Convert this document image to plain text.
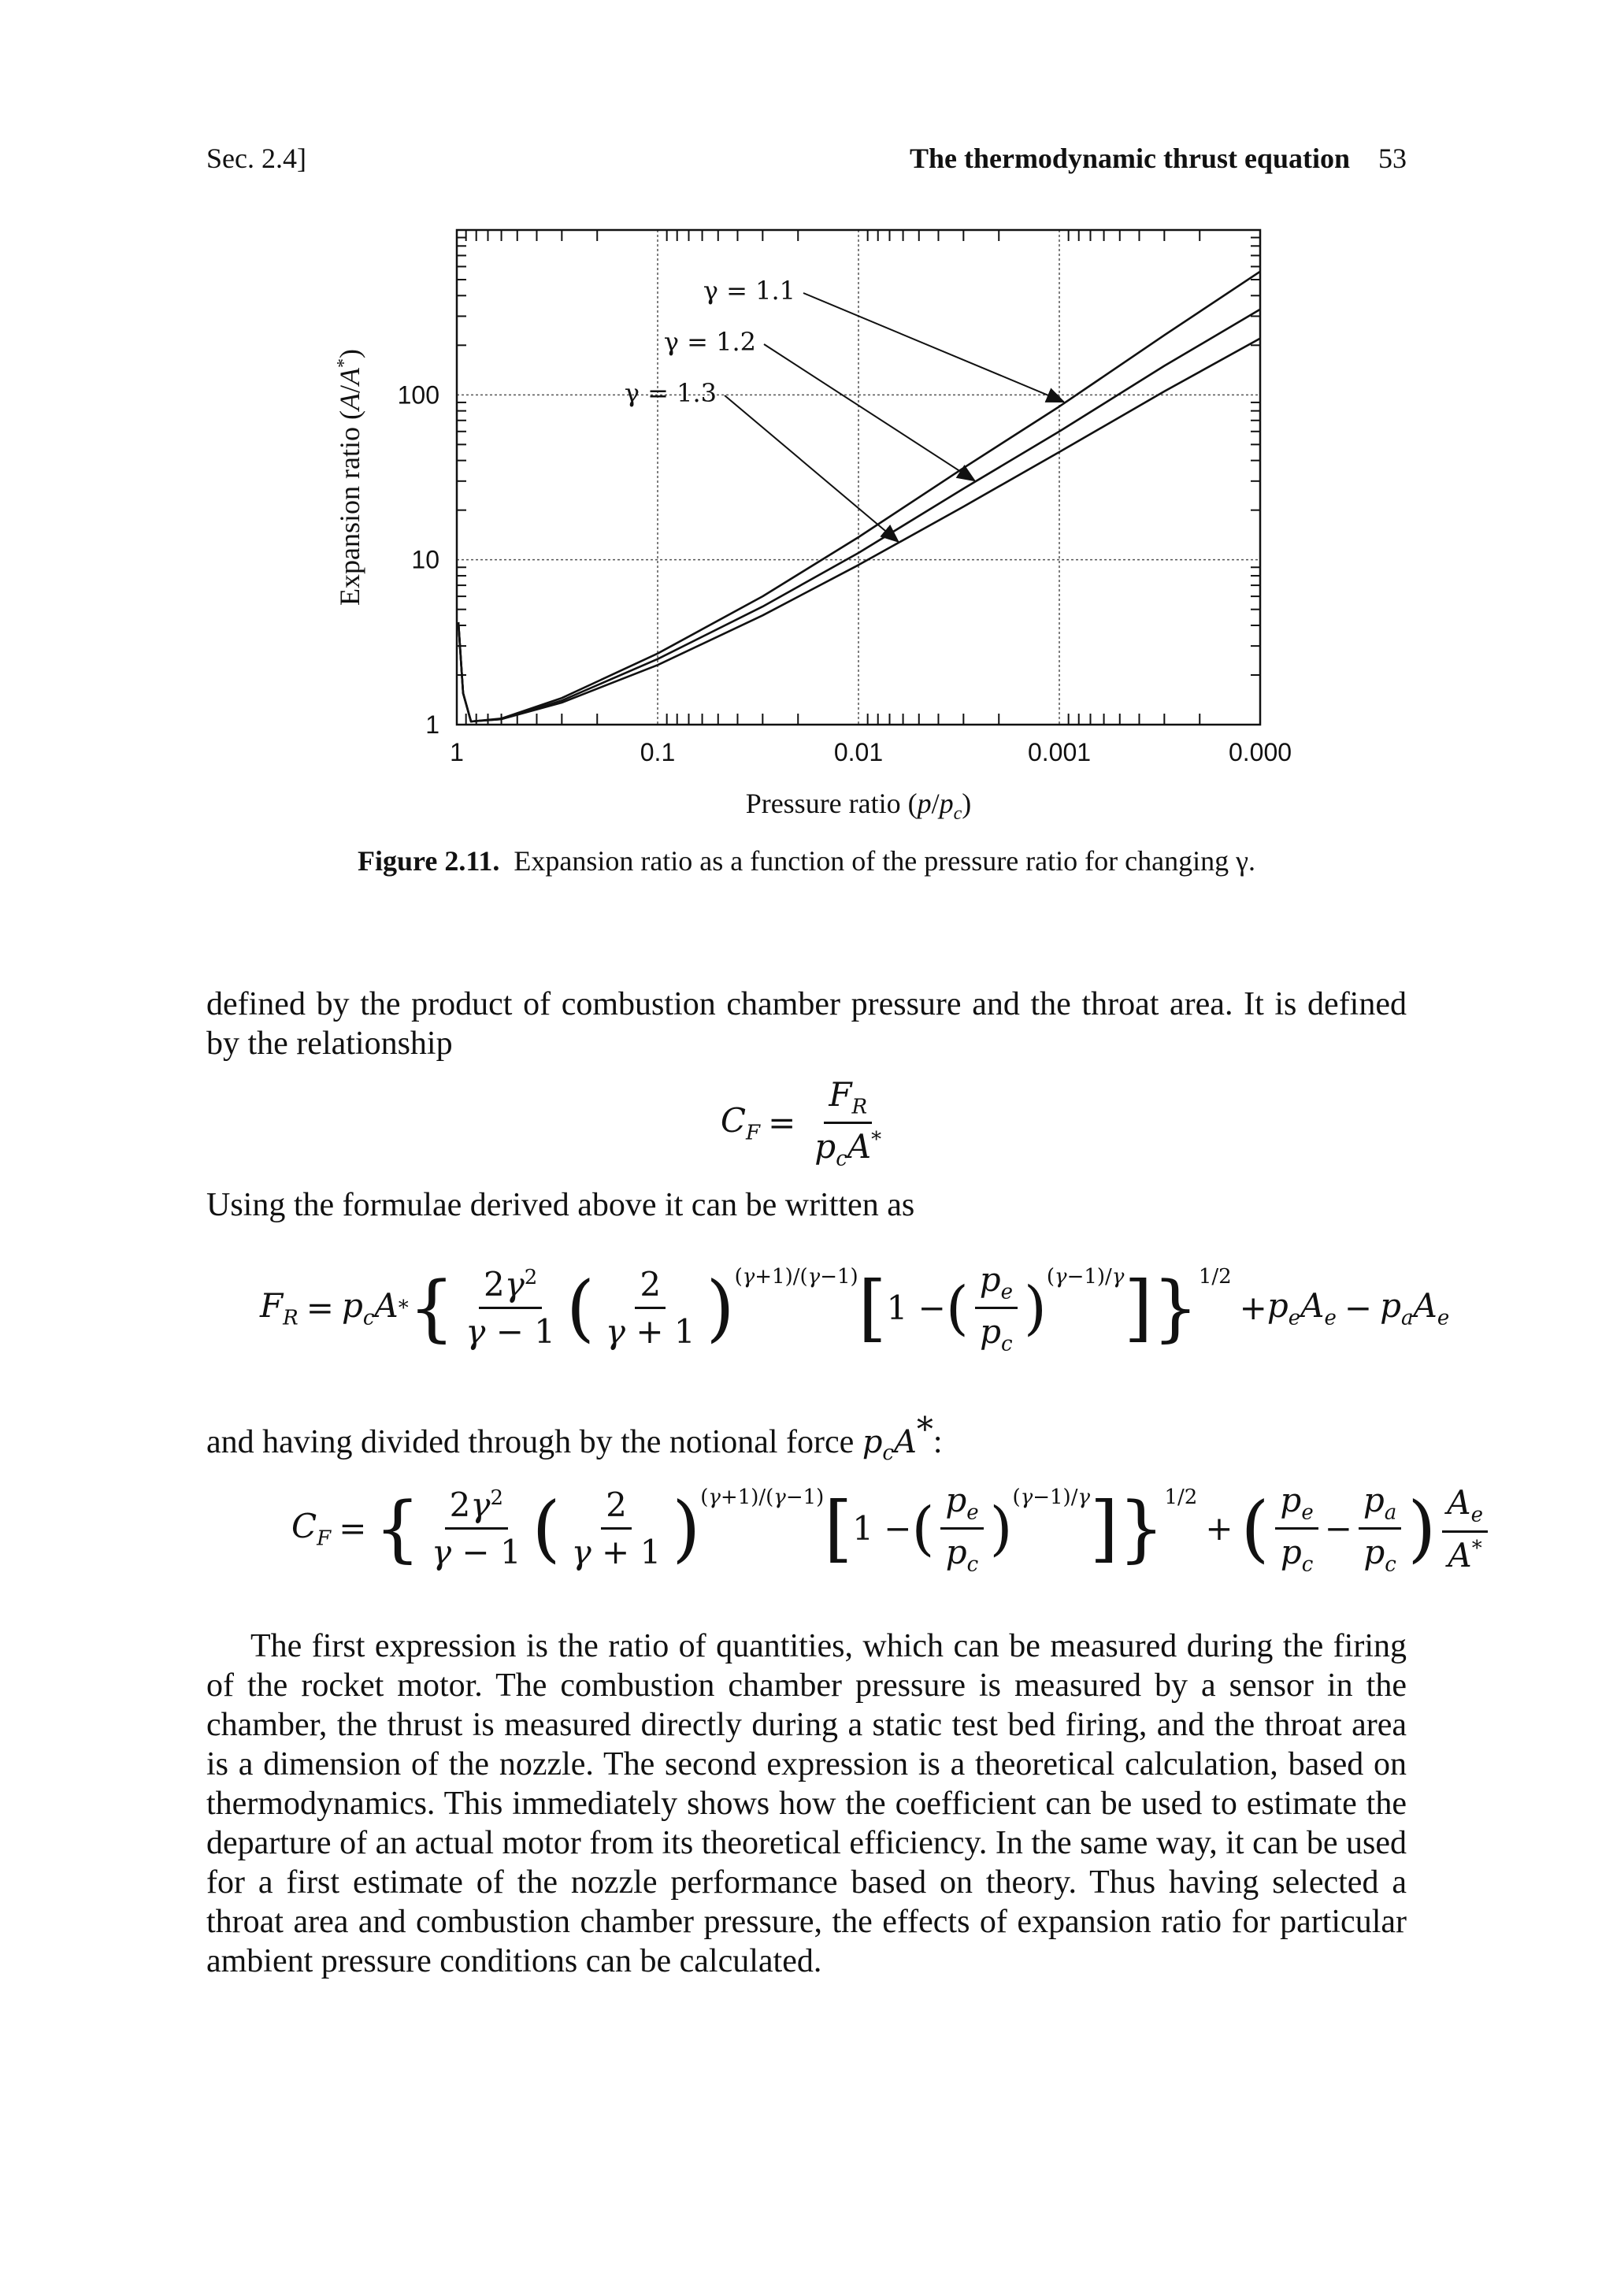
Sec. 2.4]	The thermodynamic thrust equation 53
1	0.1	0.01	0.001	0.000
1
10
100
γ = 1.1
γ = 1.2
γ = 1.3
Pressure ratio $(p/p_c)$
Expansion ratio (A/A*)
Figure 2.11. Expansion ratio as a function of the pressure ratio for changing γ.
defined by the product of combustion chamber pressure and the throat area. It is defined by the relationship
$C_F = \frac{F_R}{p_cA^*}$
Using the formulae derived above it can be written as
$F_R = p_cA$ * { $\frac{2\gamma^2}{\gamma - 1}$ ( $\frac{2}{\gamma + 1} )^{(\gamma+1)/(\gamma-1)}$ [ 1 − ( $\frac{p_e}{p_c} )^{(\gamma-1)/\gamma}$ ] }$^{1/2}$
+ $p_eA_e - p_aA_e$
and having divided through by the notional force $p_cA^*$:
$C_F$ = { $\frac{2\gamma^2}{\gamma - 1}$ ( $\frac{2}{\gamma + 1} )^{(\gamma+1)/(\gamma-1)}$ [ 1 − ( $\frac{p_e}{p_c} )^{(\gamma-1)/\gamma}$ ] }$^{1/2}$
+ ( $\frac{p_e}{p_c} - \frac{p_a}{p_c}$ ) $\frac{A_e}{A^*}$
The first expression is the ratio of quantities, which can be measured during the firing of the rocket motor. The combustion chamber pressure is measured by a sensor in the chamber, the thrust is measured directly during a static test bed firing, and the throat area is a dimension of the nozzle. The second expression is a theoretical calculation, based on thermodynamics. This immediately shows how the coefficient can be used to estimate the departure of an actual motor from its theoretical efficiency. In the same way, it can be used for a first estimate of the nozzle performance based on theory. Thus having selected a throat area and combustion chamber pressure, the effects of expansion ratio for particular ambient pressure conditions can be calculated.
